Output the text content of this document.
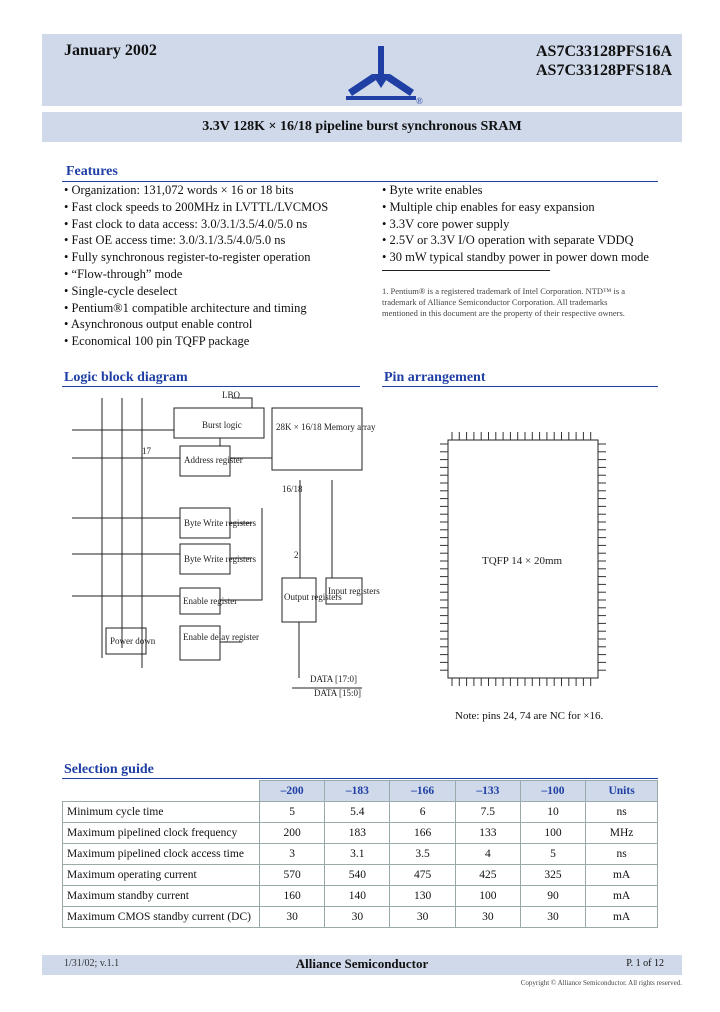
January 2002
®
AS7C33128PFS16A
AS7C33128PFS18A
3.3V 128K × 16/18 pipeline burst synchronous SRAM
Features
• Organization: 131,072 words × 16 or 18 bits
• Fast clock speeds to 200MHz in LVTTL/LVCMOS
• Fast clock to data access: 3.0/3.1/3.5/4.0/5.0 ns
• Fast OE access time: 3.0/3.1/3.5/4.0/5.0 ns
• Fully synchronous register-to-register operation
• “Flow-through” mode
• Single-cycle deselect
• Pentium®1 compatible architecture and timing
• Asynchronous output enable control
• Economical 100 pin TQFP package
• Byte write enables
• Multiple chip enables for easy expansion
• 3.3V core power supply
• 2.5V or 3.3V I/O operation with separate VDDQ
• 30 mW typical standby power in power down mode
1. Pentium® is a registered trademark of Intel Corporation. NTD™ is a trademark of Alliance Semiconductor Corporation. All trademarks mentioned in this document are the property of their respective owners.
Logic block diagram
LBO
Burst logic	28K × 16/18 Memory array
Address register
Byte Write registers
Byte Write registers
Enable register
Enable delay register
Power down
Output registers
Input registers
DATA [17:0]
DATA [15:0]
16/18
17
2
Pin arrangement
TQFP 14 × 20mm
Note: pins 24, 74 are NC for ×16.
Selection guide
	–200	–183	–166	–133	–100	Units
Minimum cycle time	5	5.4	6	7.5	10	ns
Maximum pipelined clock frequency	200	183	166	133	100	MHz
Maximum pipelined clock access time	3	3.1	3.5	4	5	ns
Maximum operating current	570	540	475	425	325	mA
Maximum standby current	160	140	130	100	90	mA
Maximum CMOS standby current (DC)	30	30	30	30	30	mA
1/31/02; v.1.1	Alliance Semiconductor	P. 1 of 12
Copyright © Alliance Semiconductor. All rights reserved.
